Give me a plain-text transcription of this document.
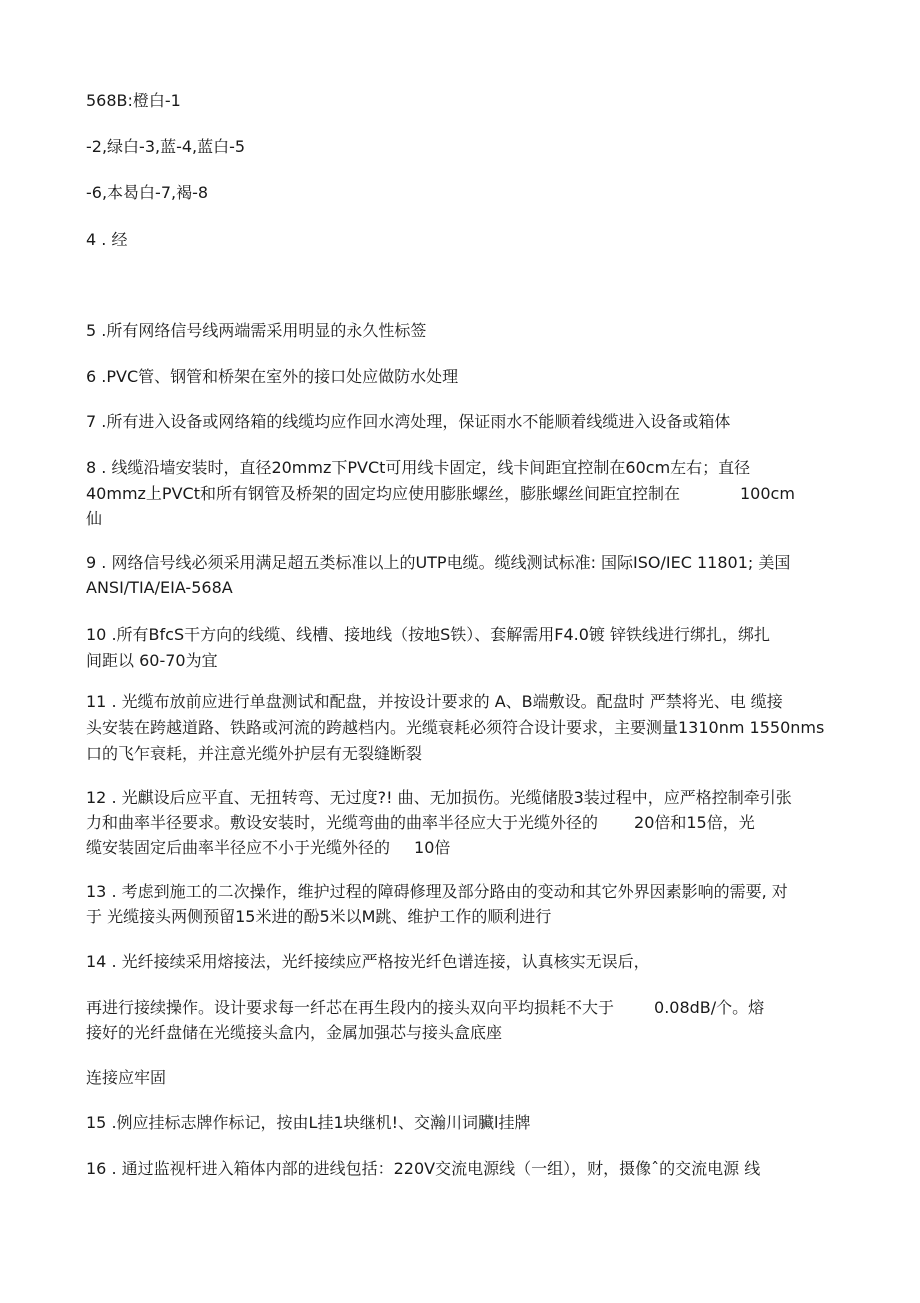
568B:橙白-1
-2,绿白-3,蓝-4,蓝白-5
-6,本曷白-7,褐-8
4 . 经
5 .所有网络信号线两端需采用明显的永久性标签
6 .PVC管、钢管和桥架在室外的接口处应做防水处理
7 .所有进入设备或网络箱的线缆均应作回水湾处理，保证雨水不能顺着线缆进入设备或箱体
8 . 线缆沿墙安装时，直径20mmz下PVCt可用线卡固定，线卡间距宜控制在60cm左右；直径
40mmz上PVCt和所有钢管及桥架的固定均应使用膨胀螺丝，膨胀螺丝间距宜控制在	100cm
仙
9 . 网络信号线必须采用满足超五类标准以上的UTP电缆。缆线测试标准: 国际ISO/IEC 11801; 美国
ANSI/TIA/EIA-568A
10 .所有BfcS干方向的线缆、线槽、接地线（按地S铁）、套解需用F4.0镀 锌铁线进行绑扎，绑扎
间距以 60-70为宜
11 . 光缆布放前应进行单盘测试和配盘，并按设计要求的 A、B端敷设。配盘时 严禁将光、电 缆接
头安装在跨越道路、铁路或河流的跨越档内。光缆衰耗必须符合设计要求，主要测量1310nm 1550nms
口的飞乍衰耗，并注意光缆外护层有无裂缝断裂
12 . 光麒设后应平直、无扭转弯、无过度?! 曲、无加损伤。光缆储股3装过程中，应严格控制牵引张
力和曲率半径要求。敷设安装时，光缆弯曲的曲率半径应大于光缆外径的 20倍和15倍，光
缆安装固定后曲率半径应不小于光缆外径的 10倍
13 . 考虑到施工的二次操作，维护过程的障碍修理及部分路由的变动和其它外界因素影响的需要, 对
于 光缆接头两侧预留15米进的酚5米以M跳、维护工作的顺利进行
14 . 光纤接续采用熔接法，光纤接续应严格按光纤色谱连接，认真核实无误后，
再进行接续操作。设计要求每一纤芯在再生段内的接头双向平均损耗不大于	0.08dB/个。熔
接好的光纤盘储在光缆接头盒内，金属加强芯与接头盒底座
连接应牢固
15 .例应挂标志牌作标记，按由L挂1块继机!、交瀚川词臟l挂牌
16 . 通过监视杆进入箱体内部的进线包括：220V交流电源线（一组），财，摄像ˆ的交流电源 线
